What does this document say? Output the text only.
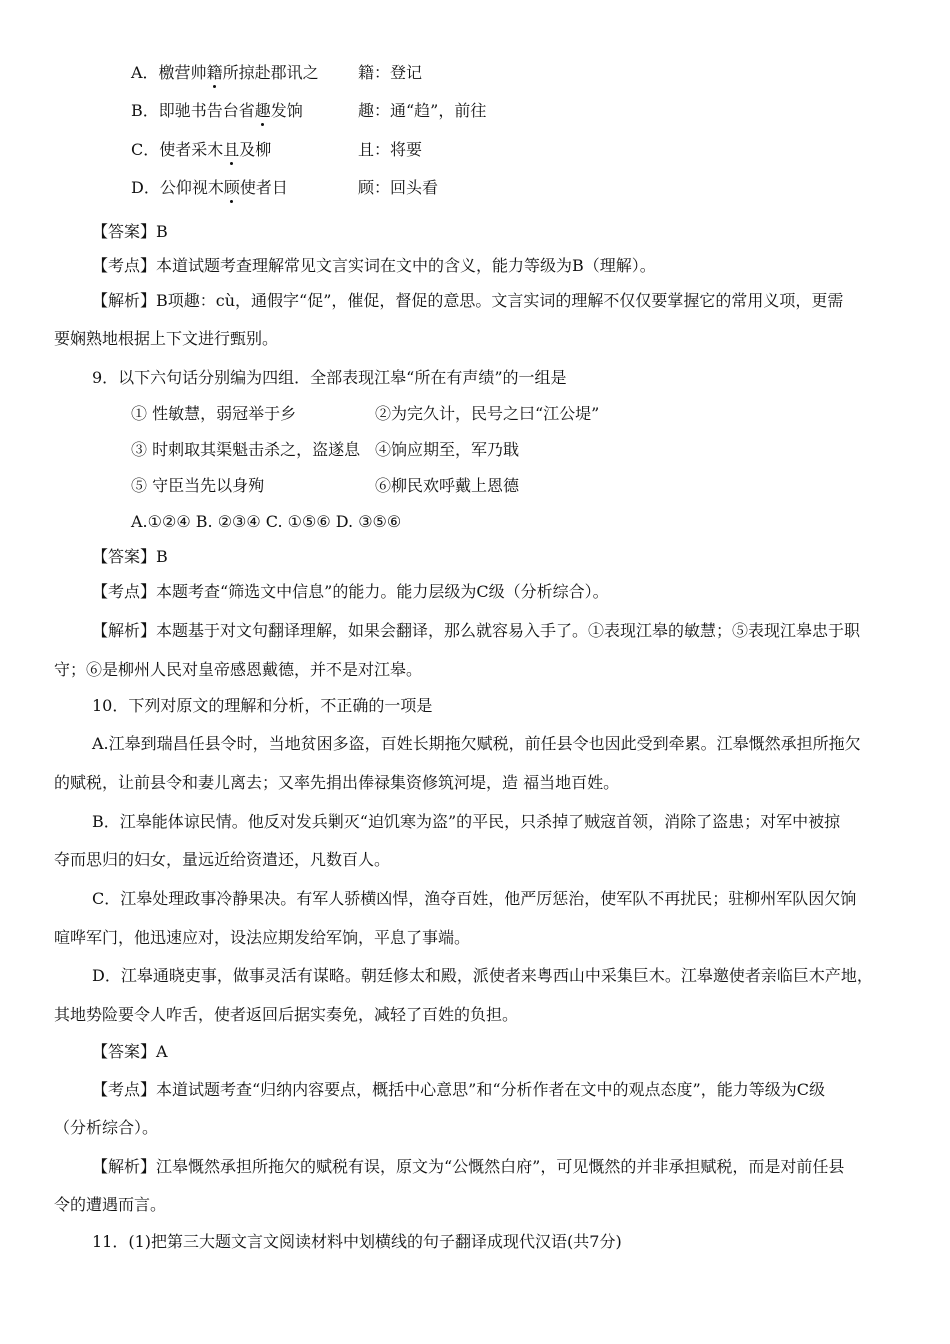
A．檄营帅籍所掠赴郡讯之 籍：登记
B．即驰书告台省趣发饷	趣：通“趋”，前往
C．使者采木且及柳	且：将要
D．公仰视木顾使者日	顾：回头看
【答案】B
【考点】本道试题考查理解常见文言实词在文中的含义，能力等级为B（理解）。
【解析】B项趣：cù，通假字“促”，催促，督促的意思。文言实词的理解不仅仅要掌握它的常用义项，更需
要娴熟地根据上下文进行甄别。
9．以下六句话分别编为四组．全部表现江皋“所在有声绩”的一组是
① 性敏慧，弱冠举于乡	②为完久计，民号之曰“江公堤”
③ 时刺取其渠魁击杀之，盗遂息 ④饷应期至，军乃戢
⑤ 守臣当先以身殉	⑥柳民欢呼戴上恩德
A.①②④ B. ②③④ C. ①⑤⑥ D. ③⑤⑥
【答案】B
【考点】本题考查“筛选文中信息”的能力。能力层级为C级（分析综合）。
【解析】本题基于对文句翻译理解，如果会翻译，那么就容易入手了。①表现江皋的敏慧；⑤表现江皋忠于职
守；⑥是柳州人民对皇帝感恩戴德，并不是对江皋。
10．下列对原文的理解和分析，不正确的一项是
A.江皋到瑞昌任县令时，当地贫困多盗，百姓长期拖欠赋税，前任县令也因此受到牵累。江皋慨然承担所拖欠
的赋税，让前县令和妻儿离去；又率先捐出俸禄集资修筑河堤，造 福当地百姓。
B．江皋能体谅民情。他反对发兵剿灭“迫饥寒为盗”的平民，只杀掉了贼寇首领，消除了盗患；对军中被掠
夺而思归的妇女，量远近给资遣还，凡数百人。
C．江皋处理政事冷静果决。有军人骄横凶悍，渔夺百姓，他严厉惩治，使军队不再扰民；驻柳州军队因欠饷
喧哗军门，他迅速应对，设法应期发给军饷，平息了事端。
D．江皋通晓吏事，做事灵活有谋略。朝廷修太和殿，派使者来粤西山中采集巨木。江皋邀使者亲临巨木产地，
其地势险要令人咋舌，使者返回后据实奏免，减轻了百姓的负担。
【答案】A
【考点】本道试题考查“归纳内容要点，概括中心意思”和“分析作者在文中的观点态度”，能力等级为C级
（分析综合）。
【解析】江皋慨然承担所拖欠的赋税有误，原文为“公慨然白府”，可见慨然的并非承担赋税，而是对前任县
令的遭遇而言。
11．(1)把第三大题文言文阅读材料中划横线的句子翻译成现代汉语(共7分)
